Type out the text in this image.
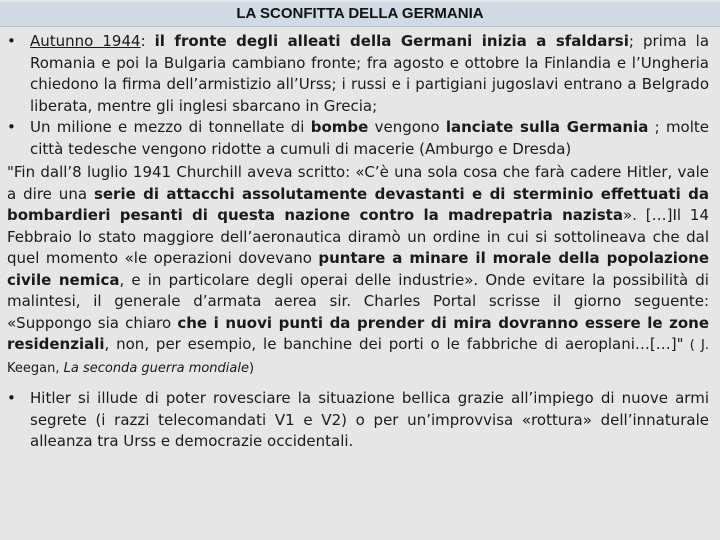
LA SCONFITTA DELLA GERMANIA
• Autunno 1944: il fronte degli alleati della Germani inizia a sfaldarsi; prima la Romania e poi la Bulgaria cambiano fronte; fra agosto e ottobre la Finlandia e l’Ungheria chiedono la firma dell’armistizio all’Urss; i russi e i partigiani jugoslavi entrano a Belgrado liberata, mentre gli inglesi sbarcano in Grecia;
• Un milione e mezzo di tonnellate di bombe vengono lanciate sulla Germania ; molte città tedesche vengono ridotte a cumuli di macerie (Amburgo e Dresda)
"Fin dall’8 luglio 1941 Churchill aveva scritto: «C’è una sola cosa che farà cadere Hitler, vale a dire una serie di attacchi assolutamente devastanti e di sterminio effettuati da bombardieri pesanti di questa nazione contro la madrepatria nazista». […]Il 14 Febbraio lo stato maggiore dell’aeronautica diramò un ordine in cui si sottolineava che dal quel momento «le operazioni dovevano puntare a minare il morale della popolazione civile nemica, e in particolare degli operai delle industrie». Onde evitare la possibilità di malintesi, il generale d’armata aerea sir. Charles Portal scrisse il giorno seguente: «Suppongo sia chiaro che i nuovi punti da prender di mira dovranno essere le zone residenziali, non, per esempio, le banchine dei porti o le fabbriche di aeroplani…[…]" ( J. Keegan, La seconda guerra mondiale)
• Hitler si illude di poter rovesciare la situazione bellica grazie all’impiego di nuove armi segrete (i razzi telecomandati V1 e V2) o per un’improvvisa «rottura» dell’innaturale alleanza tra Urss e democrazie occidentali.
